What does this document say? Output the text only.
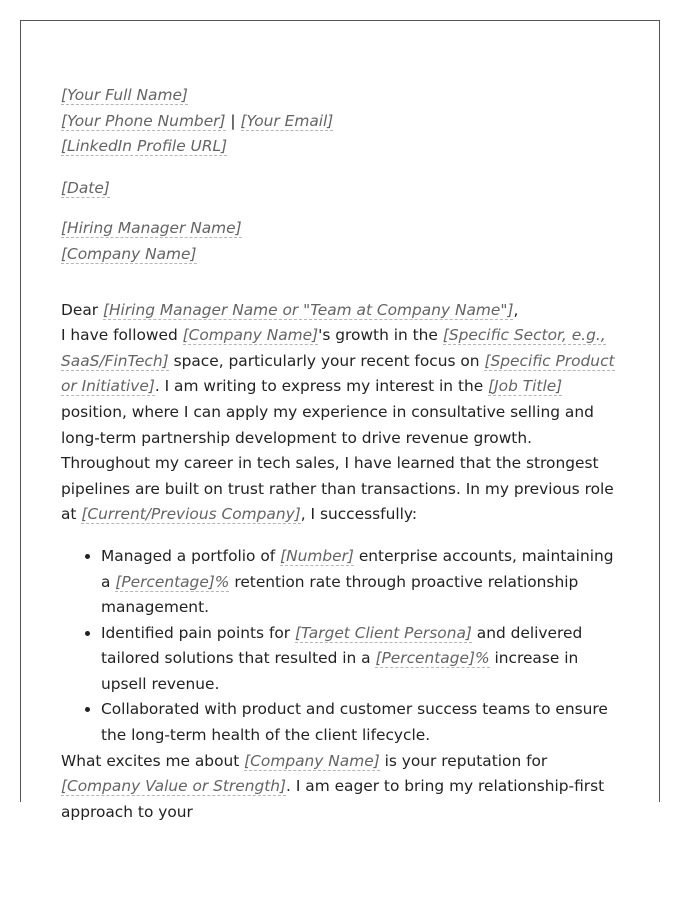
[Your Full Name]
[Your Phone Number] | [Your Email]
[LinkedIn Profile URL]
[Date]
[Hiring Manager Name]
[Company Name]
Dear [Hiring Manager Name or "Team at Company Name"],

I have followed [Company Name]'s growth in the [Specific Sector, e.g., SaaS/FinTech] space, particularly your recent focus on [Specific Product or Initiative]. I am writing to express my interest in the [Job Title] position, where I can apply my experience in consultative selling and long-term partnership development to drive revenue growth.

Throughout my career in tech sales, I have learned that the strongest pipelines are built on trust rather than transactions. In my previous role at [Current/Previous Company], I successfully:

• Managed a portfolio of [Number] enterprise accounts, maintaining a [Percentage]% retention rate through proactive relationship management.
• Identified pain points for [Target Client Persona] and delivered tailored solutions that resulted in a [Percentage]% increase in upsell revenue.
• Collaborated with product and customer success teams to ensure the long-term health of the client lifecycle.

What excites me about [Company Name] is your reputation for [Company Value or Strength]. I am eager to bring my relationship-first approach to your
